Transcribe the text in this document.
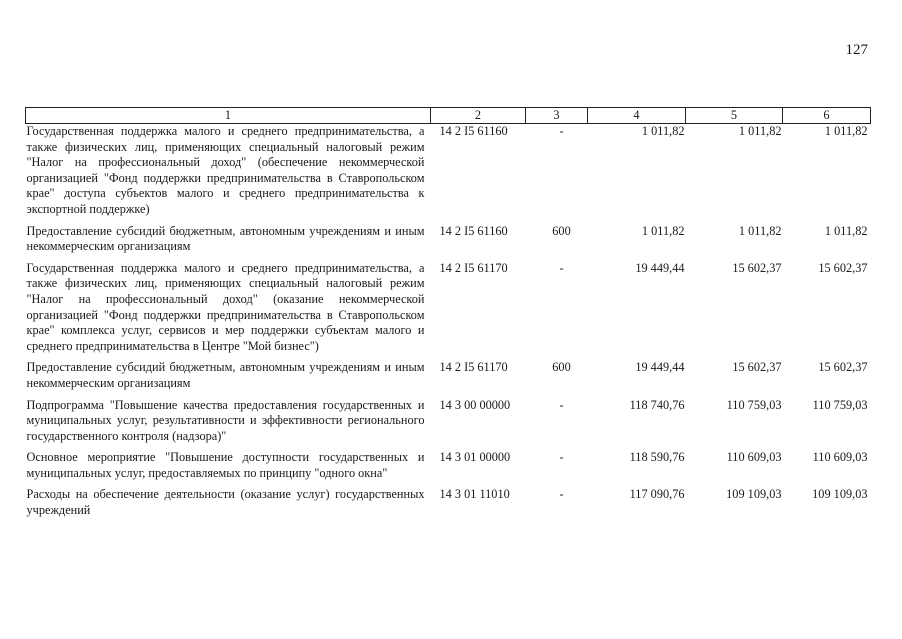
127
1	2	3	4	5	6
Государственная поддержка малого и среднего предпринимательства, а также физических лиц, применяющих специальный налоговый режим "Налог на профессиональный доход" (обеспечение некоммерческой организацией "Фонд поддержки предпринимательства в Ставропольском крае" доступа субъектов малого и среднего предпринимательства к экспортной поддержке)	14 2 I5 61160	-	1 011,82	1 011,82	1 011,82
Предоставление субсидий бюджетным, автономным учреждениям и иным некоммерческим организациям	14 2 I5 61160	600	1 011,82	1 011,82	1 011,82
Государственная поддержка малого и среднего предпринимательства, а также физических лиц, применяющих специальный налоговый режим "Налог на профессиональный доход" (оказание некоммерческой организацией "Фонд поддержки предпринимательства в Ставропольском крае" комплекса услуг, сервисов и мер поддержки субъектам малого и среднего предпринимательства в Центре "Мой бизнес")	14 2 I5 61170	-	19 449,44	15 602,37	15 602,37
Предоставление субсидий бюджетным, автономным учреждениям и иным некоммерческим организациям	14 2 I5 61170	600	19 449,44	15 602,37	15 602,37
Подпрограмма "Повышение качества предоставления государственных и муниципальных услуг, результативности и эффективности регионального государственного контроля (надзора)"	14 3 00 00000	-	118 740,76	110 759,03	110 759,03
Основное мероприятие "Повышение доступности государственных и муниципальных услуг, предоставляемых по принципу "одного окна"	14 3 01 00000	-	118 590,76	110 609,03	110 609,03
Расходы на обеспечение деятельности (оказание услуг) государственных учреждений	14 3 01 11010	-	117 090,76	109 109,03	109 109,03
